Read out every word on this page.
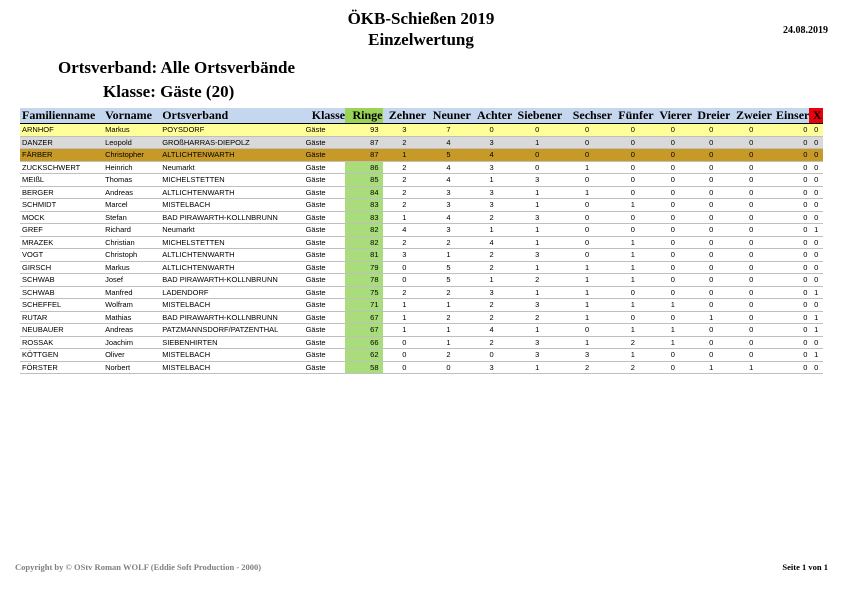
ÖKB-Schießen 2019
Einzelwertung	24.08.2019
Ortsverband: Alle Ortsverbände
Klasse: Gäste (20)
Familienname	Vorname	Ortsverband	Klasse	Ringe	Zehner	Neuner	Achter	Siebener	Sechser	Fünfer	Vierer	Dreier	Zweier	Einser	X
ARNHOF	Markus	POYSDORF	Gäste	93	3	7	0	0	0	0	0	0	0	0	0
DANZER	Leopold	GROßHARRAS-DIEPOLZ	Gäste	87	2	4	3	1	0	0	0	0	0	0	0
FÄRBER	Christopher	ALTLICHTENWARTH	Gäste	87	1	5	4	0	0	0	0	0	0	0	0
ZUCKSCHWERT	Heinrich	Neumarkt	Gäste	86	2	4	3	0	1	0	0	0	0	0	0
MEIßL	Thomas	MICHELSTETTEN	Gäste	85	2	4	1	3	0	0	0	0	0	0	0
BERGER	Andreas	ALTLICHTENWARTH	Gäste	84	2	3	3	1	1	0	0	0	0	0	0
SCHMIDT	Marcel	MISTELBACH	Gäste	83	2	3	3	1	0	1	0	0	0	0	0
MOCK	Stefan	BAD PIRAWARTH-KOLLNBRUNN	Gäste	83	1	4	2	3	0	0	0	0	0	0	0
GREF	Richard	Neumarkt	Gäste	82	4	3	1	1	0	0	0	0	0	0	1
MRAZEK	Christian	MICHELSTETTEN	Gäste	82	2	2	4	1	0	1	0	0	0	0	0
VOGT	Christoph	ALTLICHTENWARTH	Gäste	81	3	1	2	3	0	1	0	0	0	0	0
GIRSCH	Markus	ALTLICHTENWARTH	Gäste	79	0	5	2	1	1	1	0	0	0	0	0
SCHWAB	Josef	BAD PIRAWARTH-KOLLNBRUNN	Gäste	78	0	5	1	2	1	1	0	0	0	0	0
SCHWAB	Manfred	LADENDORF	Gäste	75	2	2	3	1	1	0	0	0	0	0	1
SCHEFFEL	Wolfram	MISTELBACH	Gäste	71	1	1	2	3	1	1	1	0	0	0	0
RUTAR	Mathias	BAD PIRAWARTH-KOLLNBRUNN	Gäste	67	1	2	2	2	1	0	0	1	0	0	1
NEUBAUER	Andreas	PATZMANNSDORF/PATZENTHAL	Gäste	67	1	1	4	1	0	1	1	0	0	0	1
ROSSAK	Joachim	SIEBENHIRTEN	Gäste	66	0	1	2	3	1	2	1	0	0	0	0
KÖTTGEN	Oliver	MISTELBACH	Gäste	62	0	2	0	3	3	1	0	0	0	0	1
FÖRSTER	Norbert	MISTELBACH	Gäste	58	0	0	3	1	2	2	0	1	1	0	0
Copyright by © OStv Roman WOLF (Eddie Soft Production - 2000)	Seite 1 von 1
